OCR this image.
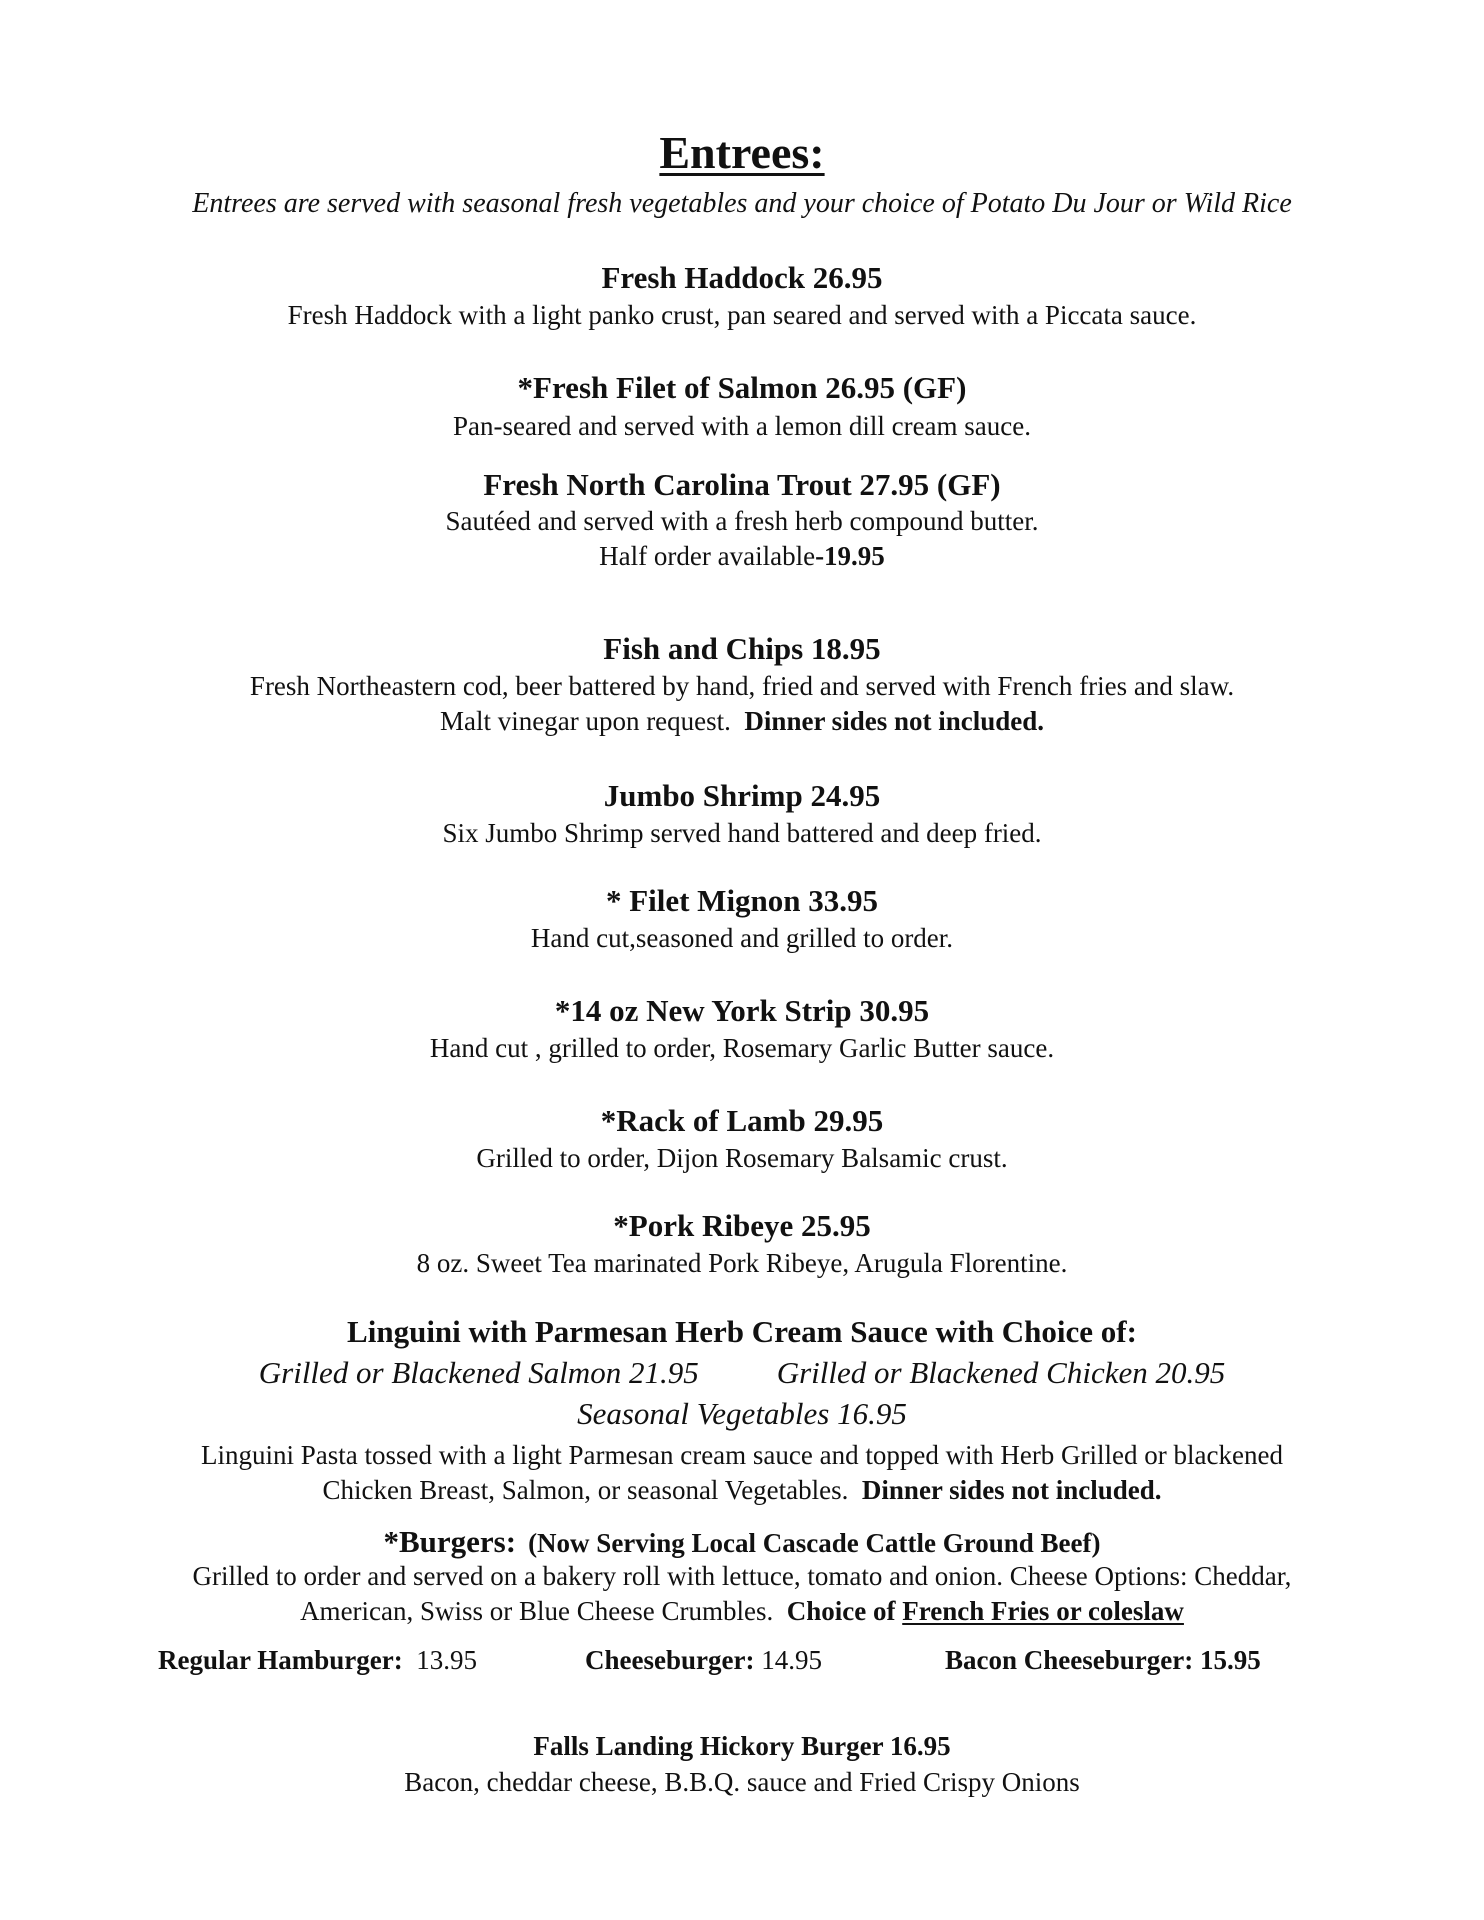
Entrees:
Entrees are served with seasonal fresh vegetables and your choice of Potato Du Jour or Wild Rice
Fresh Haddock 26.95
Fresh Haddock with a light panko crust, pan seared and served with a Piccata sauce.
*Fresh Filet of Salmon 26.95 (GF)
Pan-seared and served with a lemon dill cream sauce.
Fresh North Carolina Trout 27.95 (GF)
Sautéed and served with a fresh herb compound butter.
Half order available-19.95
Fish and Chips 18.95
Fresh Northeastern cod, beer battered by hand, fried and served with French fries and slaw.
Malt vinegar upon request.  Dinner sides not included.
Jumbo Shrimp 24.95
Six Jumbo Shrimp served hand battered and deep fried.
* Filet Mignon 33.95
Hand cut,seasoned and grilled to order.
*14 oz New York Strip 30.95
Hand cut , grilled to order, Rosemary Garlic Butter sauce.
*Rack of Lamb 29.95
Grilled to order, Dijon Rosemary Balsamic crust.
*Pork Ribeye 25.95
8 oz. Sweet Tea marinated Pork Ribeye, Arugula Florentine.
Linguini with Parmesan Herb Cream Sauce with Choice of:
Grilled or Blackened Salmon 21.95	Grilled or Blackened Chicken 20.95
Seasonal Vegetables 16.95
Linguini Pasta tossed with a light Parmesan cream sauce and topped with Herb Grilled or blackened
Chicken Breast, Salmon, or seasonal Vegetables.  Dinner sides not included.
*Burgers: (Now Serving Local Cascade Cattle Ground Beef)
Grilled to order and served on a bakery roll with lettuce, tomato and onion. Cheese Options: Cheddar,
American, Swiss or Blue Cheese Crumbles.  Choice of French Fries or coleslaw
Regular Hamburger: 13.95	Cheeseburger: 14.95	Bacon Cheeseburger: 15.95
Falls Landing Hickory Burger 16.95
Bacon, cheddar cheese, B.B.Q. sauce and Fried Crispy Onions
